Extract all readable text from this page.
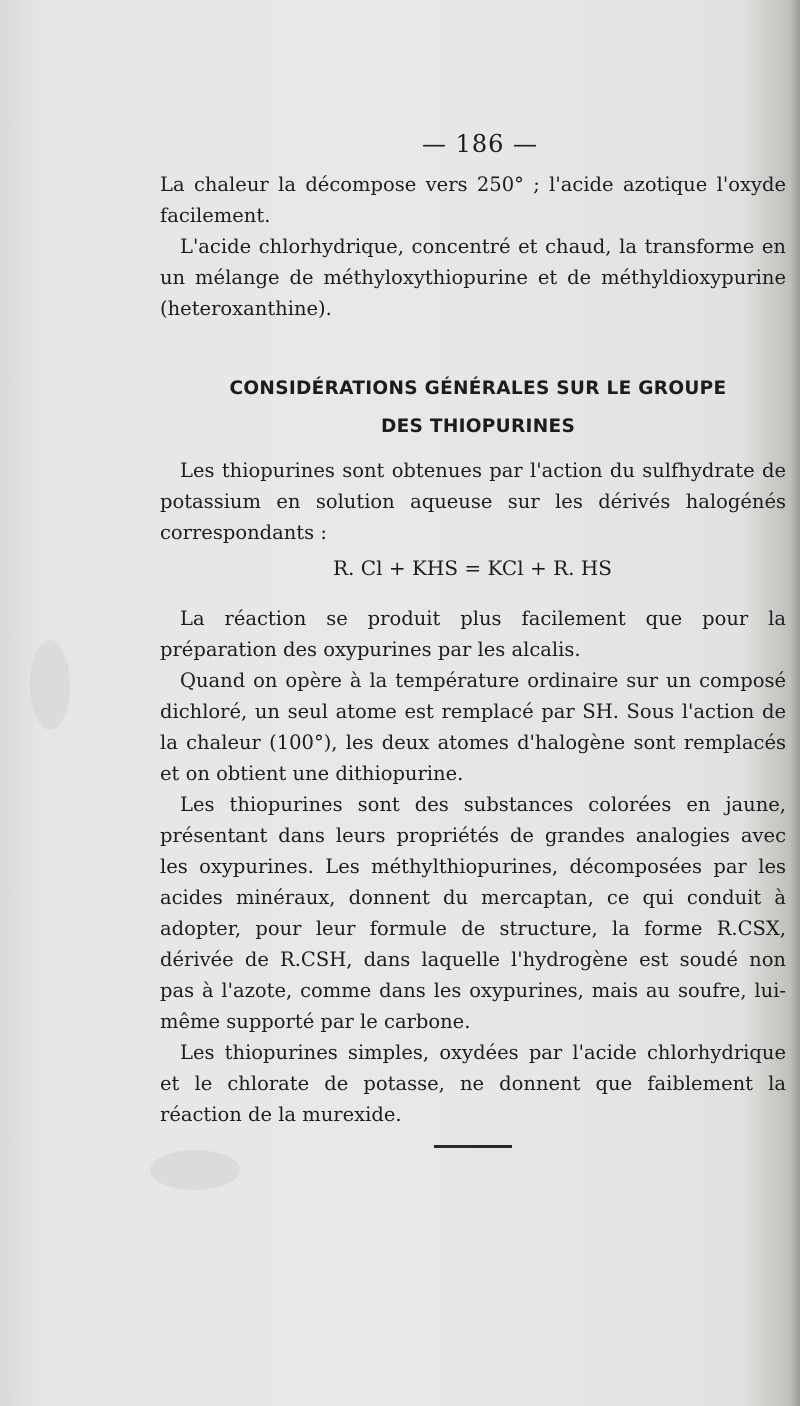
— 186 —

La chaleur la décompose vers 250° ; l'acide azotique l'oxyde facilement.

L'acide chlorhydrique, concentré et chaud, la transforme en un mélange de méthyloxythiopurine et de méthyldioxypurine (heteroxanthine).

CONSIDÉRATIONS GÉNÉRALES SUR LE GROUPE
DES THIOPURINES

Les thiopurines sont obtenues par l'action du sulfhydrate de potassium en solution aqueuse sur les dérivés halogénés correspondants :

R. Cl + KHS = KCl + R. HS

La réaction se produit plus facilement que pour la préparation des oxypurines par les alcalis.

Quand on opère à la température ordinaire sur un composé dichloré, un seul atome est remplacé par SH. Sous l'action de la chaleur (100°), les deux atomes d'halogène sont remplacés et on obtient une dithiopurine.

Les thiopurines sont des substances colorées en jaune, présentant dans leurs propriétés de grandes analogies avec les oxypurines. Les méthylthiopurines, décomposées par les acides minéraux, donnent du mercaptan, ce qui conduit à adopter, pour leur formule de structure, la forme R.CSX, dérivée de R.CSH, dans laquelle l'hydrogène est soudé non pas à l'azote, comme dans les oxypurines, mais au soufre, lui-même supporté par le carbone.

Les thiopurines simples, oxydées par l'acide chlorhydrique et le chlorate de potasse, ne donnent que faiblement la réaction de la murexide.
